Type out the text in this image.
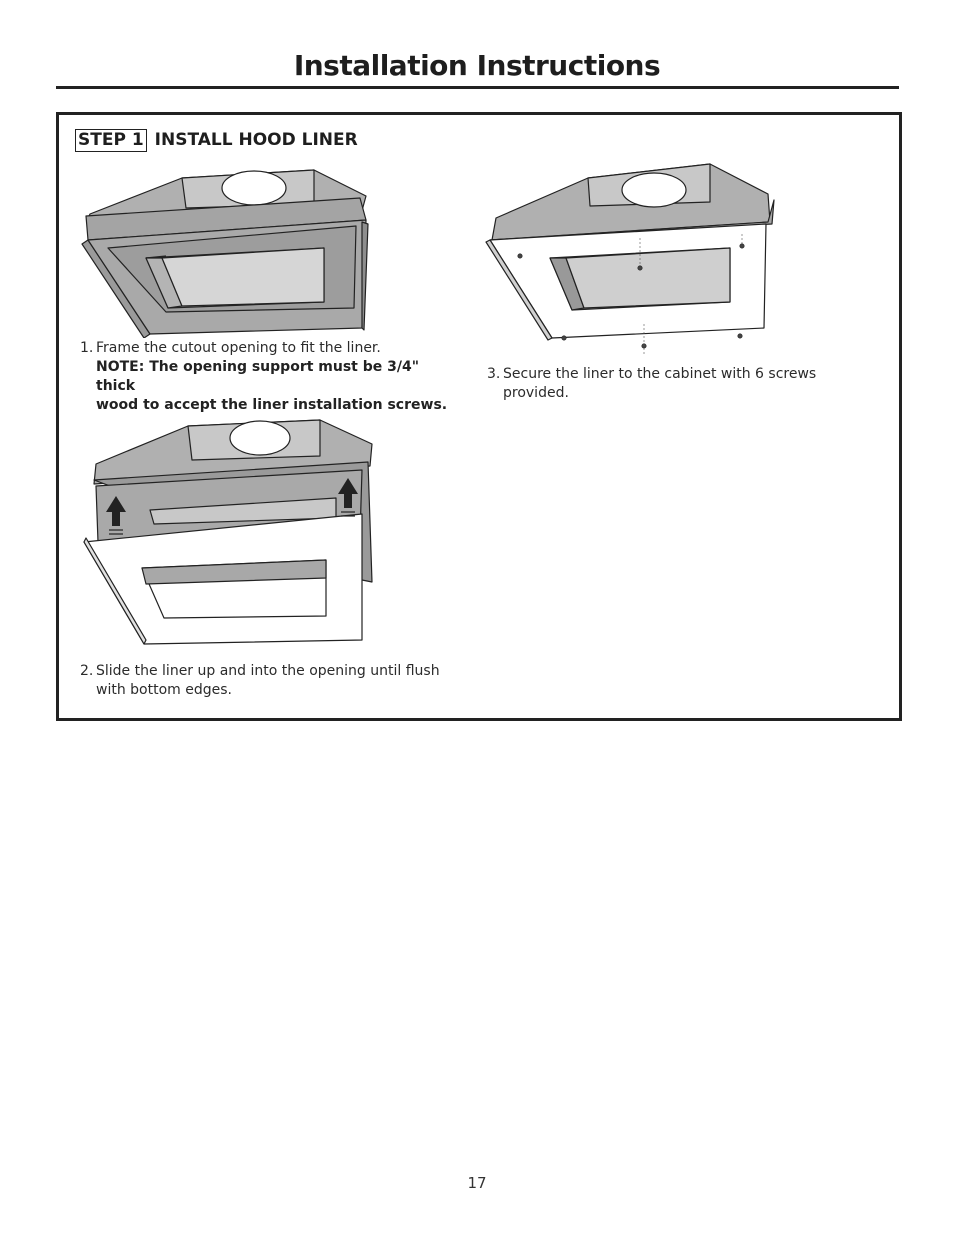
Installation Instructions
STEP 1 INSTALL HOOD LINER
1. Frame the cutout opening to fit the liner.
NOTE: The opening support must be 3/4" thick
wood to accept the liner installation screws.
2. Slide the liner up and into the opening until flush
with bottom edges.
3. Secure the liner to the cabinet with 6 screws
provided.
17
